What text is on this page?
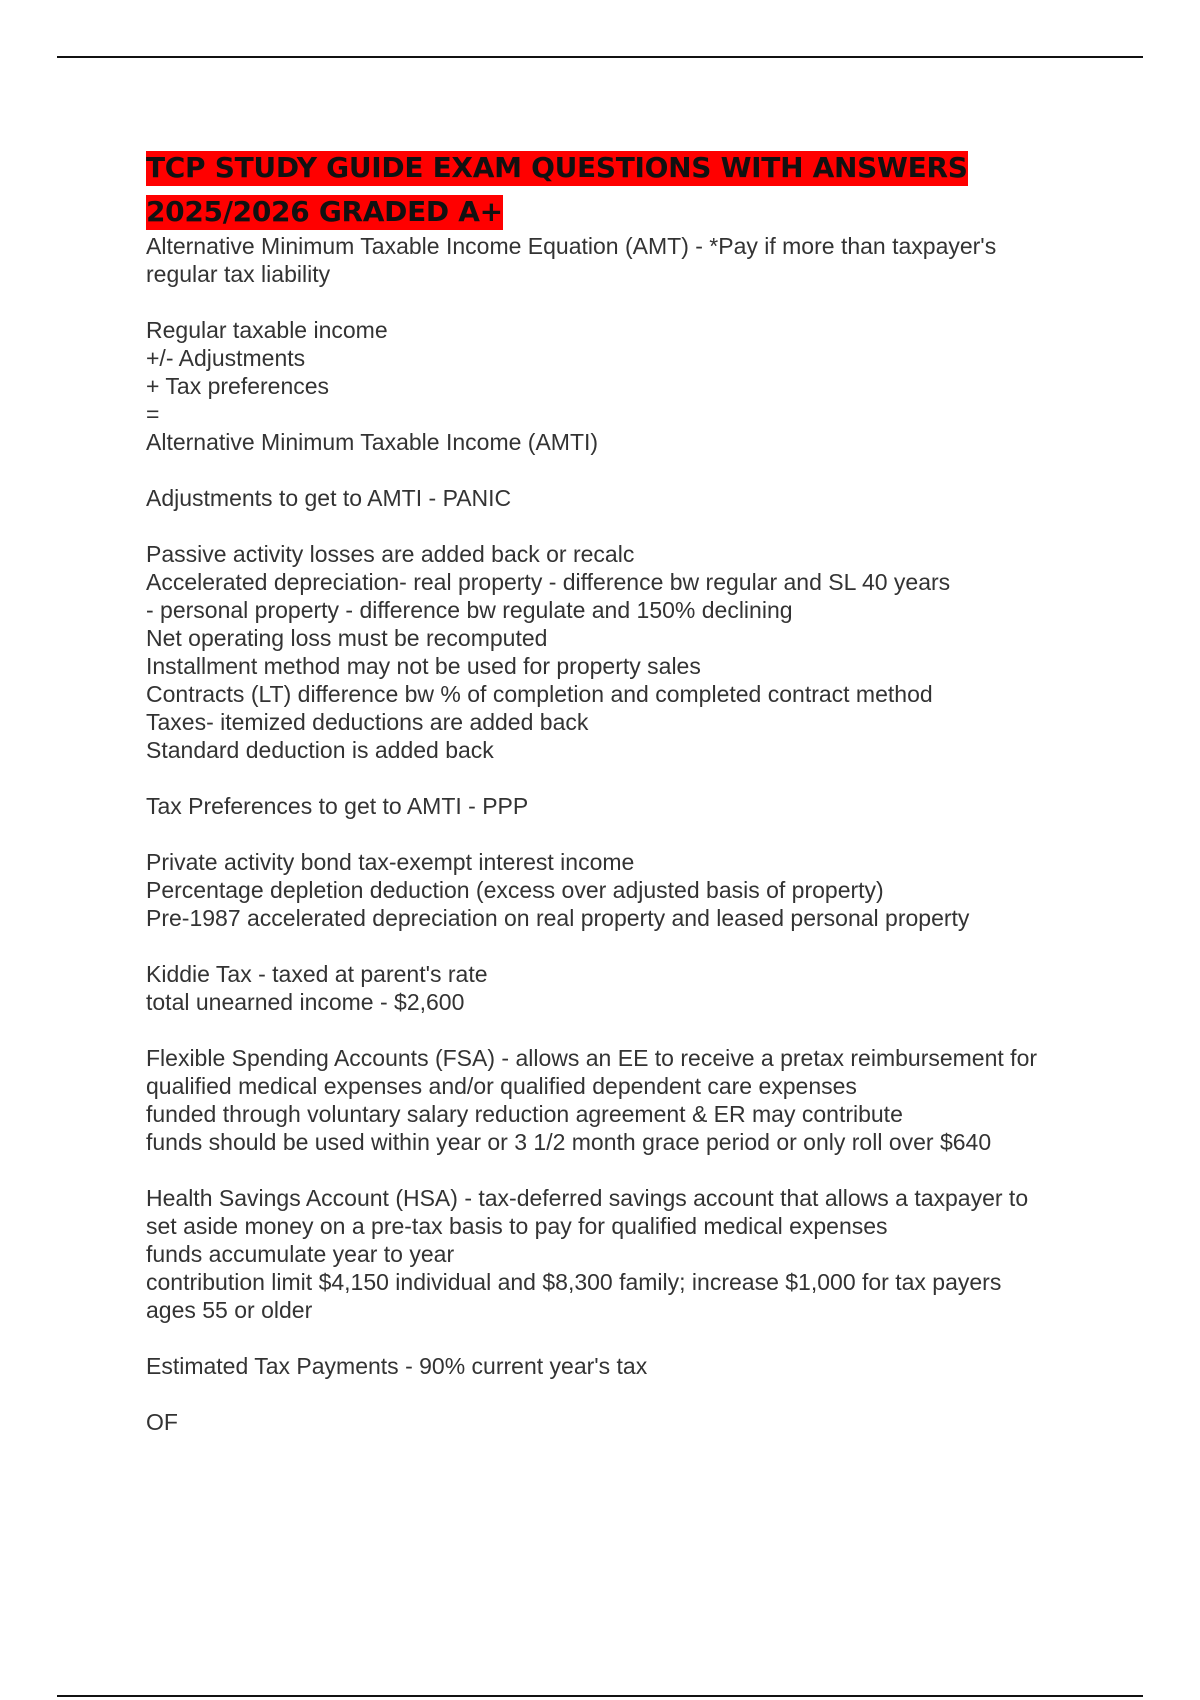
TCP STUDY GUIDE EXAM QUESTIONS WITH ANSWERS
2025/2026 GRADED A+
Alternative Minimum Taxable Income Equation (AMT) - *Pay if more than taxpayer's
regular tax liability
Regular taxable income
+/- Adjustments
+ Tax preferences
=
Alternative Minimum Taxable Income (AMTI)
Adjustments to get to AMTI - PANIC
Passive activity losses are added back or recalc
Accelerated depreciation- real property - difference bw regular and SL 40 years
- personal property - difference bw regulate and 150% declining
Net operating loss must be recomputed
Installment method may not be used for property sales
Contracts (LT) difference bw % of completion and completed contract method
Taxes- itemized deductions are added back
Standard deduction is added back
Tax Preferences to get to AMTI - PPP
Private activity bond tax-exempt interest income
Percentage depletion deduction (excess over adjusted basis of property)
Pre-1987 accelerated depreciation on real property and leased personal property
Kiddie Tax - taxed at parent's rate
total unearned income - $2,600
Flexible Spending Accounts (FSA) - allows an EE to receive a pretax reimbursement for
qualified medical expenses and/or qualified dependent care expenses
funded through voluntary salary reduction agreement & ER may contribute
funds should be used within year or 3 1/2 month grace period or only roll over $640
Health Savings Account (HSA) - tax-deferred savings account that allows a taxpayer to
set aside money on a pre-tax basis to pay for qualified medical expenses
funds accumulate year to year
contribution limit $4,150 individual and $8,300 family; increase $1,000 for tax payers
ages 55 or older
Estimated Tax Payments - 90% current year's tax
OF
